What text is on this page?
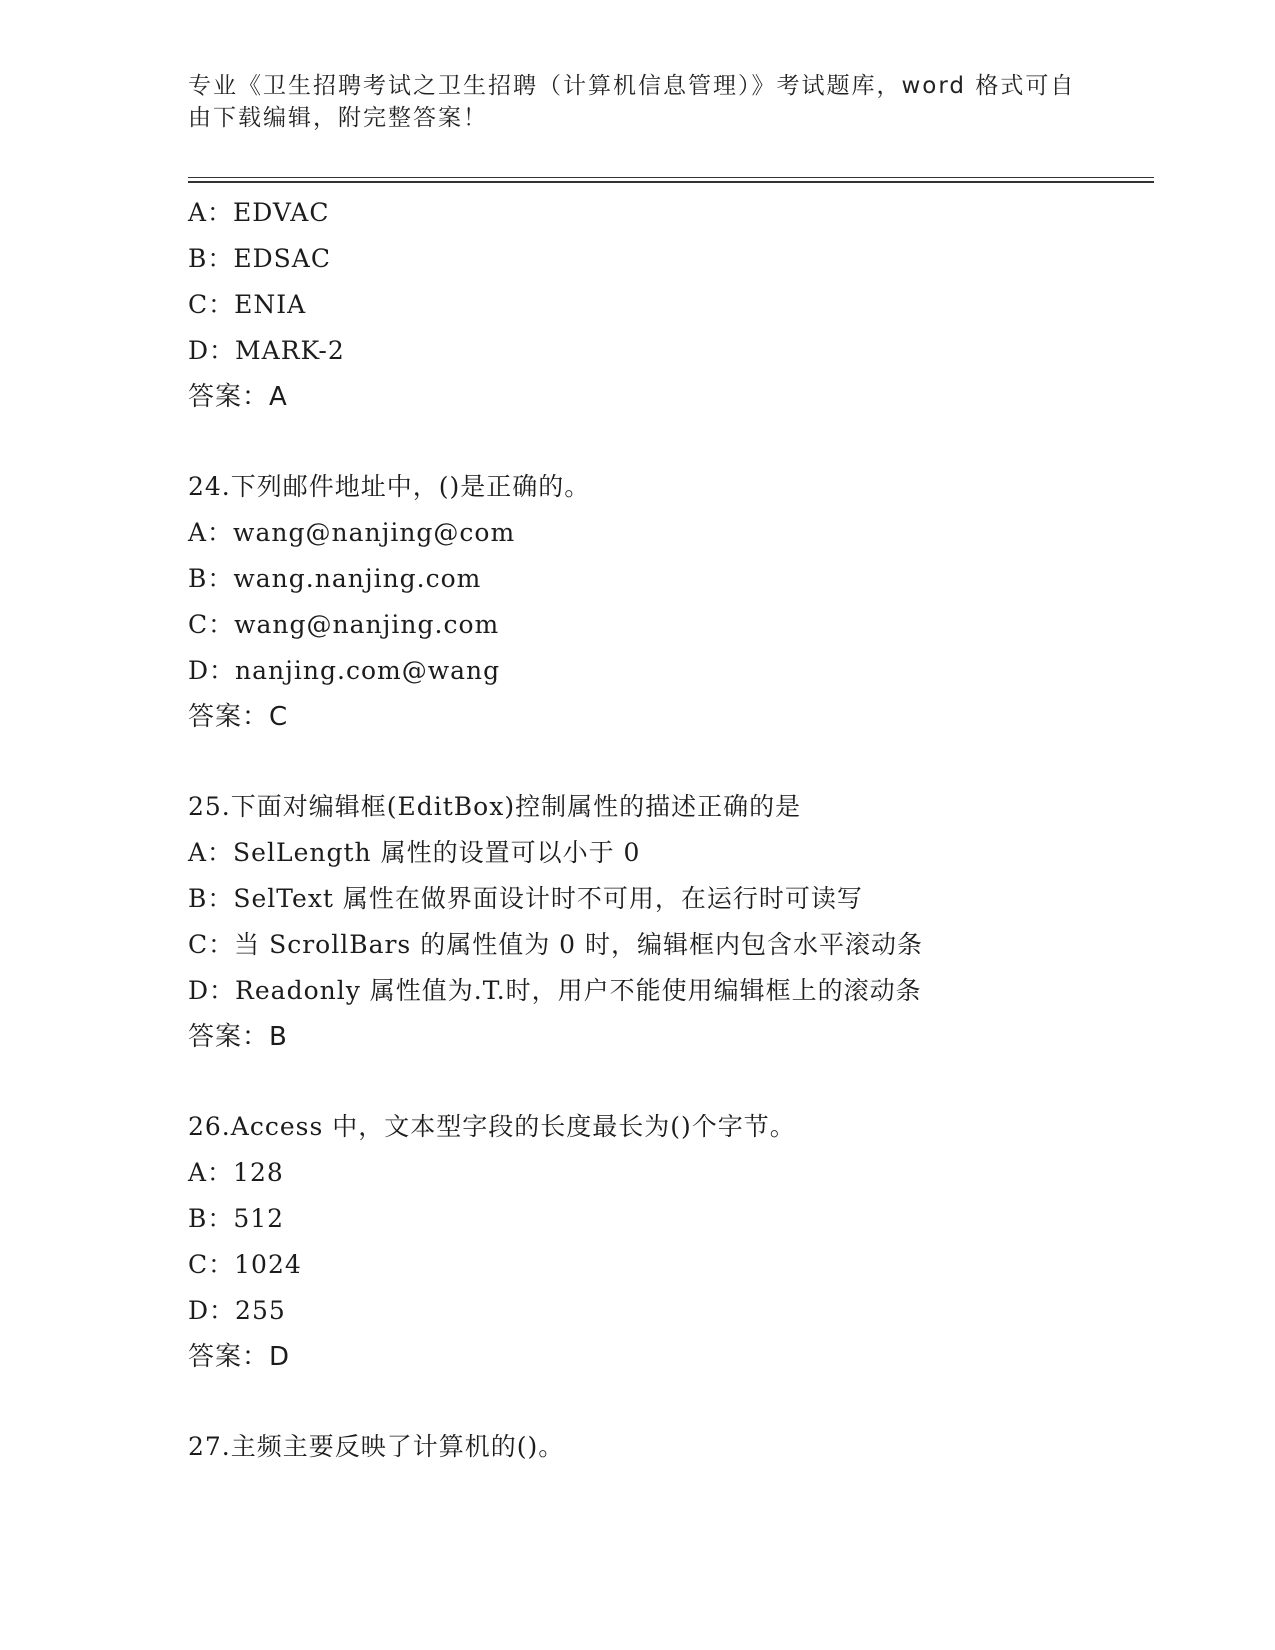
专业《卫生招聘考试之卫生招聘（计算机信息管理）》考试题库，word 格式可自
由下载编辑，附完整答案！
A：EDVAC
B：EDSAC
C：ENIA
D：MARK-2
答案：A
24.下列邮件地址中，()是正确的。
A：wang@nanjing@com
B：wang.nanjing.com
C：wang@nanjing.com
D：nanjing.com@wang
答案：C
25.下面对编辑框(EditBox)控制属性的描述正确的是
A：SelLength 属性的设置可以小于 0
B：SelText 属性在做界面设计时不可用，在运行时可读写
C：当 ScrollBars 的属性值为 0 时，编辑框内包含水平滚动条
D：Readonly 属性值为.T.时，用户不能使用编辑框上的滚动条
答案：B
26.Access 中，文本型字段的长度最长为()个字节。
A：128
B：512
C：1024
D：255
答案：D
27.主频主要反映了计算机的()。
